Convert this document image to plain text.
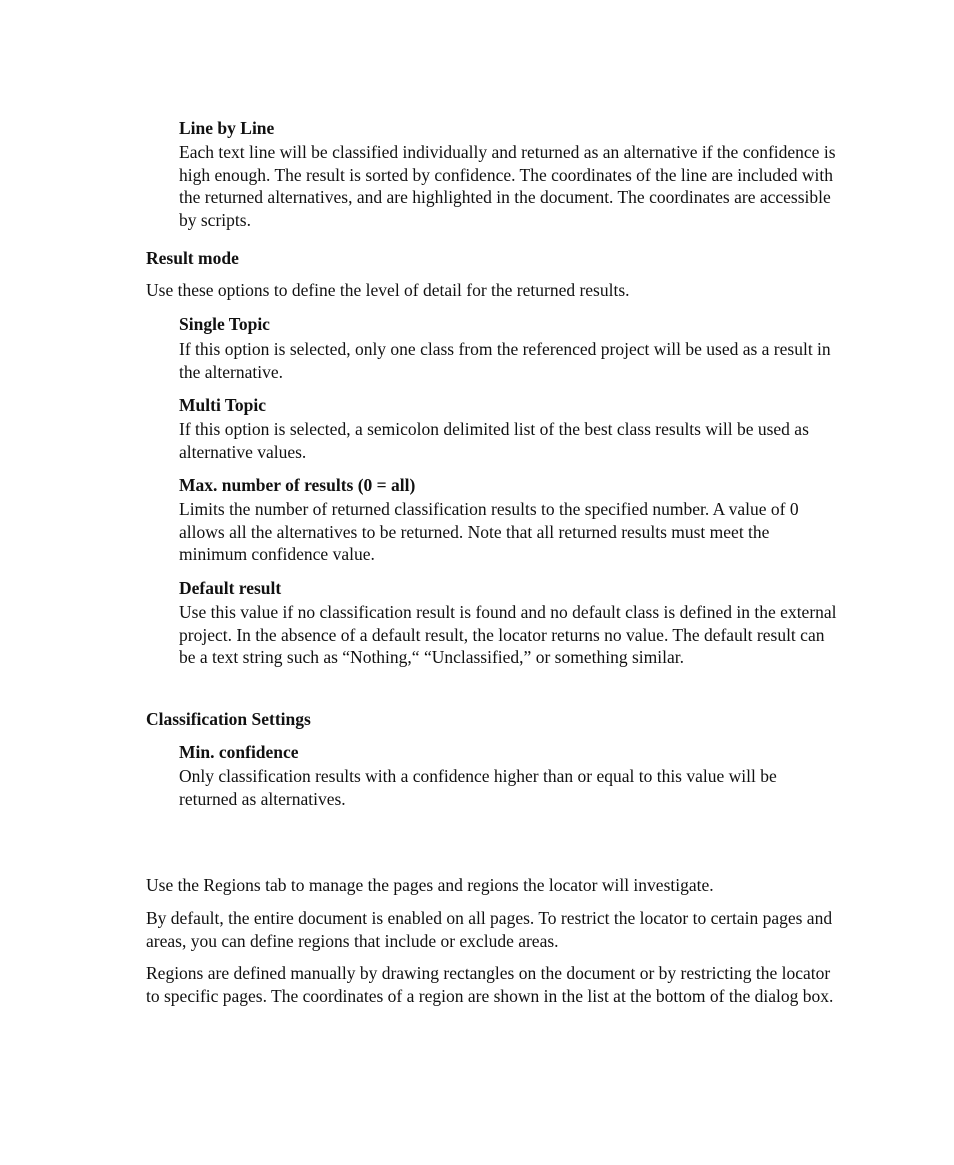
Line by Line

Each text line will be classified individually and returned as an alternative if the confidence is high enough. The result is sorted by confidence. The coordinates of the line are included with the returned alternatives, and are highlighted in the document. The coordinates are accessible by scripts.

Result mode

Use these options to define the level of detail for the returned results.

Single Topic

If this option is selected, only one class from the referenced project will be used as a result in the alternative.

Multi Topic

If this option is selected, a semicolon delimited list of the best class results will be used as alternative values.

Max. number of results (0 = all)

Limits the number of returned classification results to the specified number. A value of 0 allows all the alternatives to be returned. Note that all returned results must meet the minimum confidence value.

Default result

Use this value if no classification result is found and no default class is defined in the external project. In the absence of a default result, the locator returns no value. The default result can be a text string such as “Nothing,“ “Unclassified,” or something similar.

Classification Settings
Min. confidence

Only classification results with a confidence higher than or equal to this value will be returned as alternatives.

Use the Regions tab to manage the pages and regions the locator will investigate.

By default, the entire document is enabled on all pages. To restrict the locator to certain pages and areas, you can define regions that include or exclude areas.

Regions are defined manually by drawing rectangles on the document or by restricting the locator to specific pages. The coordinates of a region are shown in the list at the bottom of the dialog box.
